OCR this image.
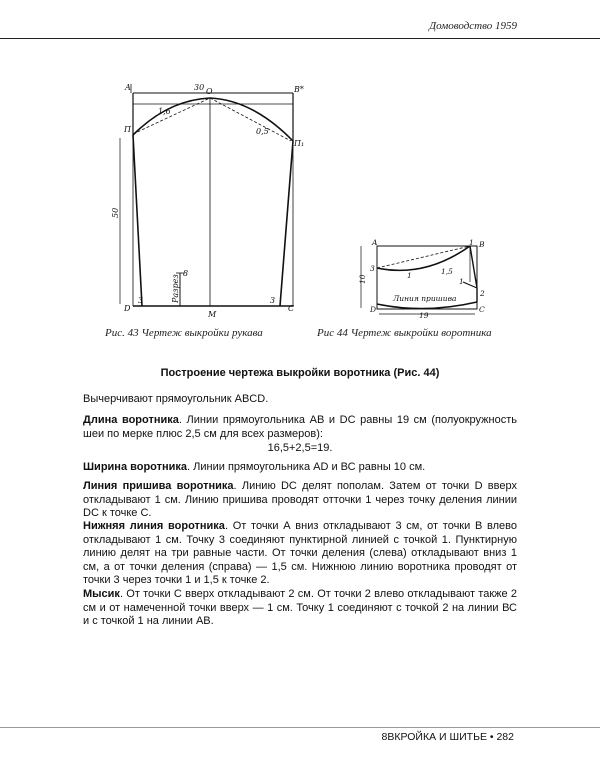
Домоводство 1959
A	B*
O
П
П₁
C
D
M
3	3
8
30
1,6
0,5
50
Разрез
Рис. 43 Чертеж выкройки рукава
A	B
1
3
10
1,5
1
1
2
C
D
19
Линия пришива
Рис 44 Чертеж выкройки воротника
Построение чертежа выкройки воротника (Рис. 44)
Вычерчивают прямоугольник ABCD.
Длина воротника. Линии прямоугольника АВ и DC равны 19 см (полуокружность шеи по мерке плюс 2,5 см для всех размеров):
16,5+2,5=19.
Ширина воротника. Линии прямоугольника AD и ВС равны 10 см.
Линия пришива воротника. Линию DC делят пополам. Затем от точки D вверх откладывают 1 см. Линию пришива проводят отточки 1 через точку деления линии DC к точке С.
Нижняя линия воротника. От точки А вниз откладывают 3 см, от точки В влево откладывают 1 см. Точку 3 соединяют пунктирной линией с точкой 1. Пунктирную линию делят на три равные части. От точки деления (слева) откладывают вниз 1 см, а от точки деления (справа) — 1,5 см. Нижнюю линию воротника проводят от точки 3 через точки 1 и 1,5 к точке 2.
Мысик. От точки С вверх откладывают 2 см. От точки 2 влево откладывают также 2 см и от намеченной точки вверх — 1 см. Точку 1 соединяют с точкой 2 на линии ВС и с точкой 1 на линии АВ.
8ВКРОЙКА И ШИТЬЕ • 282
